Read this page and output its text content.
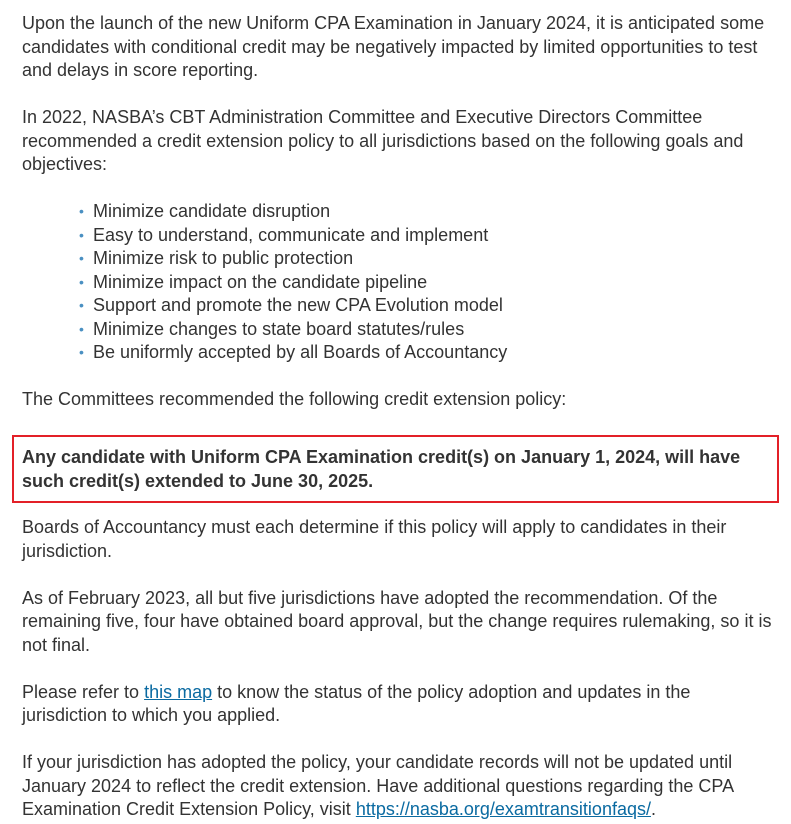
Upon the launch of the new Uniform CPA Examination in January 2024, it is anticipated some candidates with conditional credit may be negatively impacted by limited opportunities to test and delays in score reporting.

In 2022, NASBA’s CBT Administration Committee and Executive Directors Committee recommended a credit extension policy to all jurisdictions based on the following goals and objectives:

• Minimize candidate disruption
• Easy to understand, communicate and implement
• Minimize risk to public protection
• Minimize impact on the candidate pipeline
• Support and promote the new CPA Evolution model
• Minimize changes to state board statutes/rules
• Be uniformly accepted by all Boards of Accountancy

The Committees recommended the following credit extension policy:

Any candidate with Uniform CPA Examination credit(s) on January 1, 2024, will have such credit(s) extended to June 30, 2025.

Boards of Accountancy must each determine if this policy will apply to candidates in their jurisdiction.

As of February 2023, all but five jurisdictions have adopted the recommendation. Of the remaining five, four have obtained board approval, but the change requires rulemaking, so it is not final.

Please refer to this map to know the status of the policy adoption and updates in the jurisdiction to which you applied.

If your jurisdiction has adopted the policy, your candidate records will not be updated until January 2024 to reflect the credit extension. Have additional questions regarding the CPA Examination Credit Extension Policy, visit https://nasba.org/examtransitionfaqs/.
